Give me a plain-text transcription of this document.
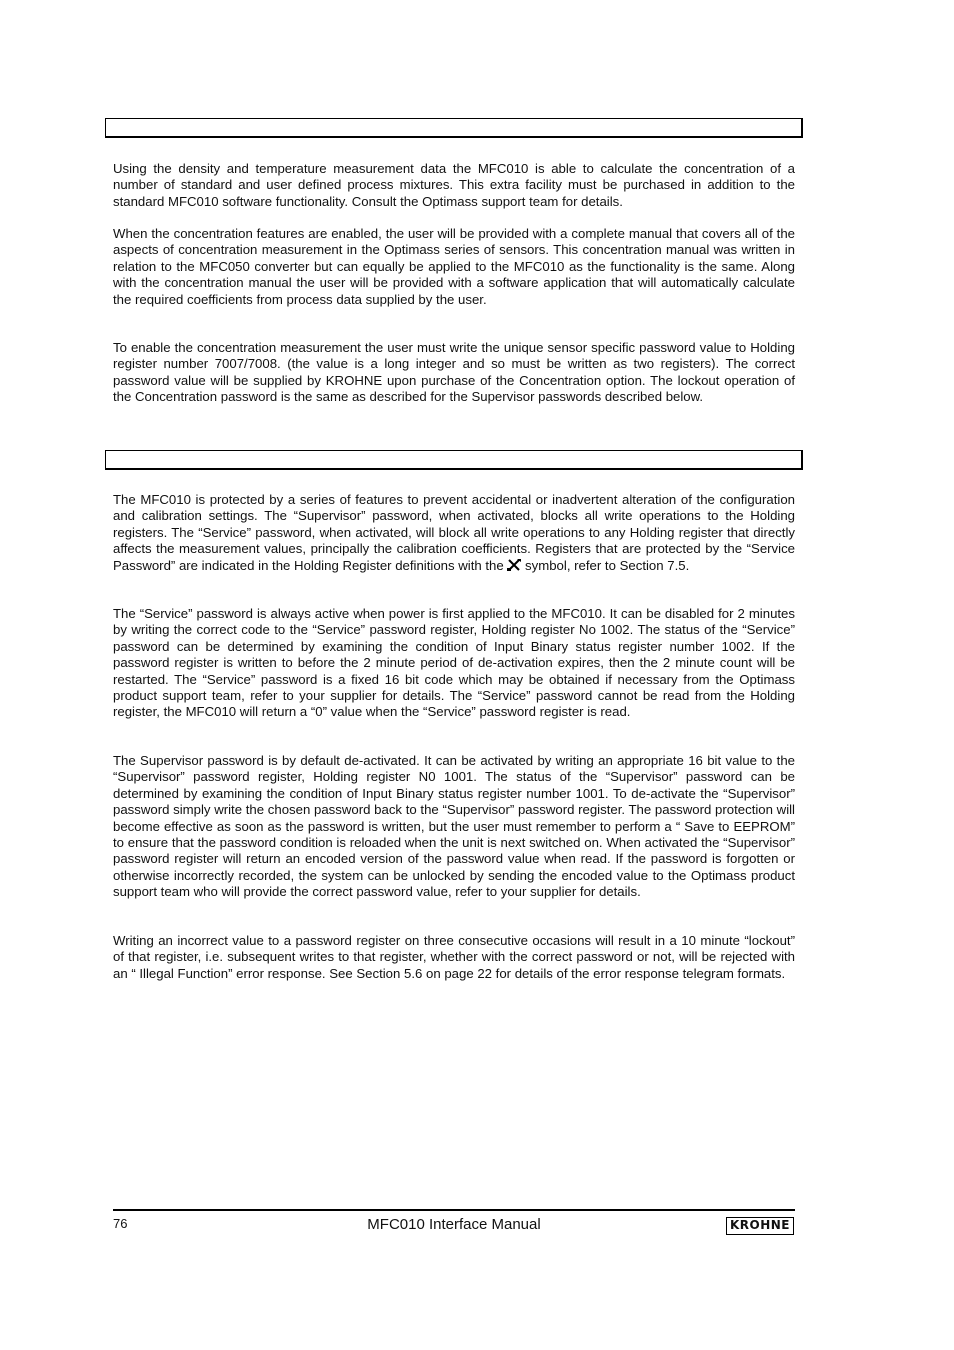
Using the density and temperature measurement data the MFC010 is able to calculate the concentration of a number of standard and user defined process mixtures. This extra facility must be purchased in addition to the standard MFC010 software functionality. Consult the Optimass support team for details.

When the concentration features are enabled, the user will be provided with a complete manual that covers all of the aspects of concentration measurement in the Optimass series of sensors. This concentration manual was written in relation to the MFC050 converter but can equally be applied to the MFC010 as the functionality is the same. Along with the concentration manual the user will be provided with a software application that will automatically calculate the required coefficients from process data supplied by the user.

To enable the concentration measurement the user must write the unique sensor specific password value to Holding register number 7007/7008. (the value is a long integer and so must be written as two registers). The correct password value will be supplied by KROHNE upon purchase of the Concentration option. The lockout operation of the Concentration password is the same as described for the Supervisor passwords described below.

The MFC010 is protected by a series of features to prevent accidental or inadvertent alteration of the configuration and calibration settings. The “Supervisor” password, when activated, blocks all write operations to the Holding registers. The “Service” password, when activated, will block all write operations to any Holding register that directly affects the measurement values, principally the calibration coefficients. Registers that are protected by the “Service Password” are indicated in the Holding Register definitions with the  symbol, refer to Section 7.5.

The “Service” password is always active when power is first applied to the MFC010. It can be disabled for 2 minutes by writing the correct code to the “Service” password register, Holding register No 1002. The status of the “Service” password can be determined by examining the condition of Input Binary status register number 1002. If the password register is written to before the 2 minute period of de-activation expires, then the 2 minute count will be restarted. The “Service” password is a fixed 16 bit code which may be obtained if necessary from the Optimass product support team, refer to your supplier for details. The “Service” password cannot be read from the Holding register, the MFC010 will return a “0” value when the “Service” password register is read.

The Supervisor password is by default de-activated. It can be activated by writing an appropriate 16 bit value to the “Supervisor” password register, Holding register N0 1001. The status of the “Supervisor” password can be determined by examining the condition of Input Binary status register number 1001. To de-activate the “Supervisor” password simply write the chosen password back to the “Supervisor” password register. The password protection will become effective as soon as the password is written, but the user must remember to perform a “ Save to EEPROM” to ensure that the password condition is reloaded when the unit is next switched on. When activated the “Supervisor” password register will return an encoded version of the password value when read. If the password is forgotten or otherwise incorrectly recorded, the system can be unlocked by sending the encoded value to the Optimass product support team who will provide the correct password value, refer to your supplier for details.

Writing an incorrect value to a password register on three consecutive occasions will result in a 10 minute “lockout” of that register, i.e. subsequent writes to that register, whether with the correct password or not, will be rejected with an “ Illegal Function” error response. See Section 5.6 on page 22 for details of the error response telegram formats.

76	MFC010 Interface Manual	KROHNE
